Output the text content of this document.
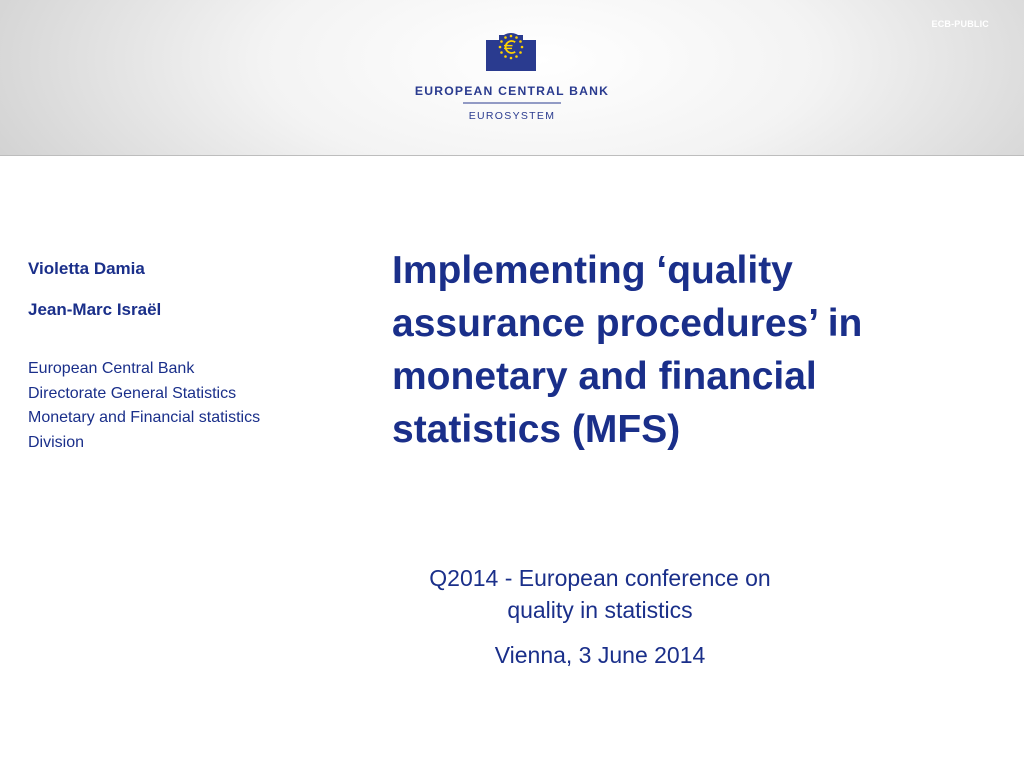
ECB-PUBLIC
EUROPEAN CENTRAL BANK
EUROSYSTEM

Violetta Damia

Jean-Marc Israël

European Central Bank
Directorate General Statistics
Monetary and Financial statistics
Division
Implementing ‘quality
assurance procedures’ in
monetary and financial
statistics (MFS)
Q2014 - European conference on
quality in statistics
Vienna, 3 June 2014
